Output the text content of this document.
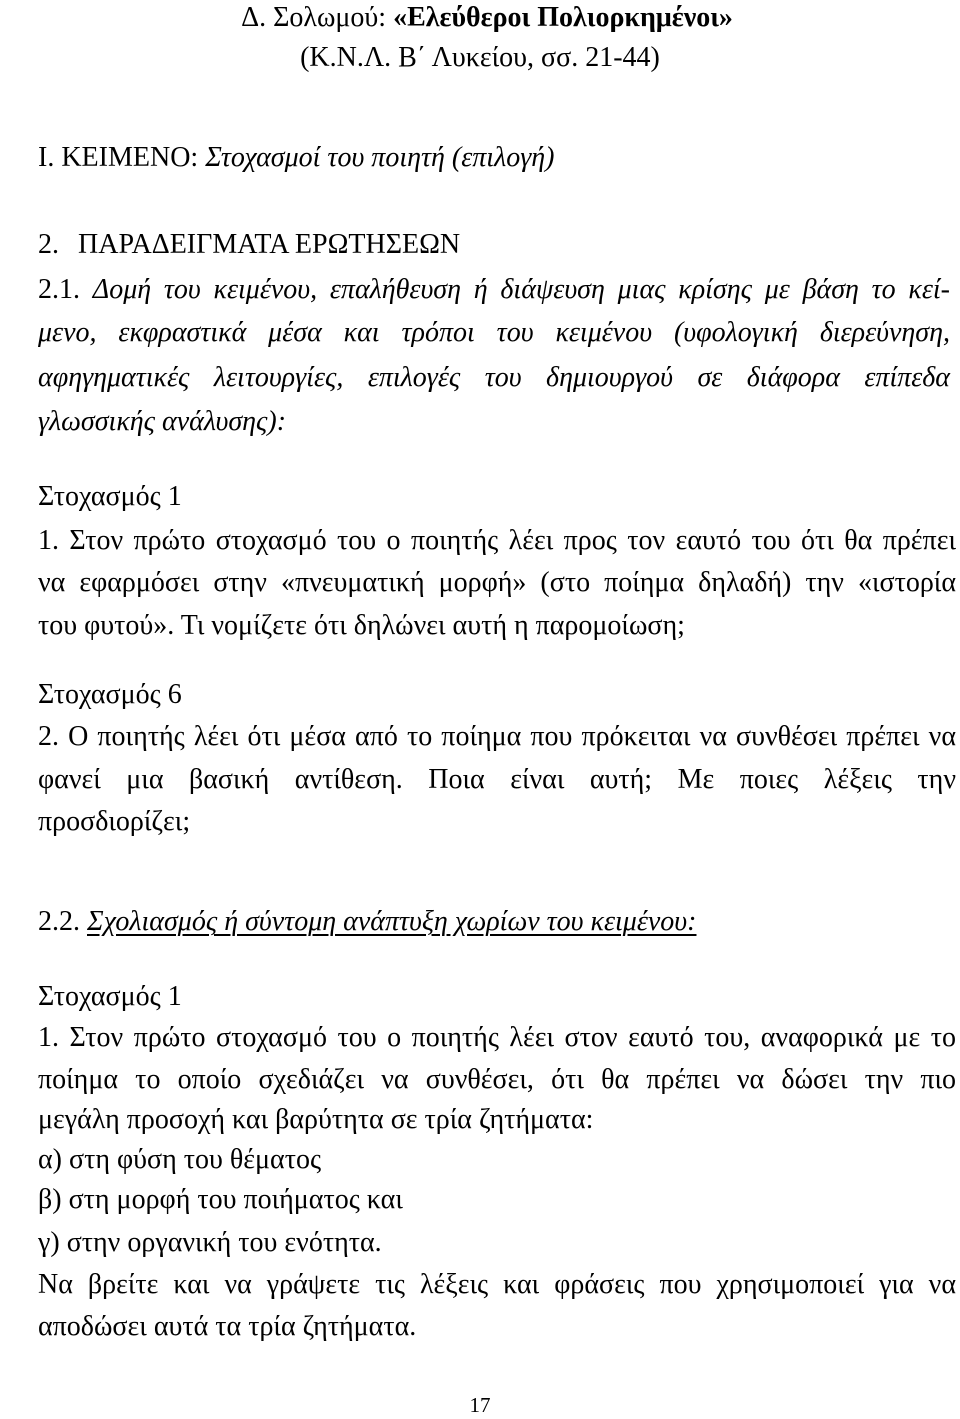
Δ. Σολωμού: «Ελεύθεροι Πολιορκημένοι»
(Κ.Ν.Λ. Β΄ Λυκείου, σσ. 21-44)
I. ΚΕΙΜΕΝΟ: Στοχασμοί του ποιητή (επιλογή)
2. ΠΑΡΑΔΕΙΓΜΑΤΑ ΕΡΩΤΗΣΕΩΝ
2.1. Δομή του κειμένου, επαλήθευση ή διάψευση μιας κρίσης με βάση το κεί-
μενο, εκφραστικά μέσα και τρόποι του κειμένου (υφολογική διερεύνηση,
αφηγηματικές λειτουργίες, επιλογές του δημιουργού σε διάφορα επίπεδα
γλωσσικής ανάλυσης):
Στοχασμός 1
1. Στον πρώτο στοχασμό του ο ποιητής λέει προς τον εαυτό του ότι θα πρέπει
να εφαρμόσει στην «πνευματική μορφή» (στο ποίημα δηλαδή) την «ιστορία
του φυτού». Τι νομίζετε ότι δηλώνει αυτή η παρομοίωση;
Στοχασμός 6
2. Ο ποιητής λέει ότι μέσα από το ποίημα που πρόκειται να συνθέσει πρέπει να
φανεί μια βασική αντίθεση. Ποια είναι αυτή; Με ποιες λέξεις την
προσδιορίζει;
2.2. Σχολιασμός ή σύντομη ανάπτυξη χωρίων του κειμένου:
Στοχασμός 1
1. Στον πρώτο στοχασμό του ο ποιητής λέει στον εαυτό του, αναφορικά με το
ποίημα το οποίο σχεδιάζει να συνθέσει, ότι θα πρέπει να δώσει την πιο
μεγάλη προσοχή και βαρύτητα σε τρία ζητήματα:
α) στη φύση του θέματος
β) στη μορφή του ποιήματος και
γ) στην οργανική του ενότητα.
Να βρείτε και να γράψετε τις λέξεις και φράσεις που χρησιμοποιεί για να
αποδώσει αυτά τα τρία ζητήματα.
17
